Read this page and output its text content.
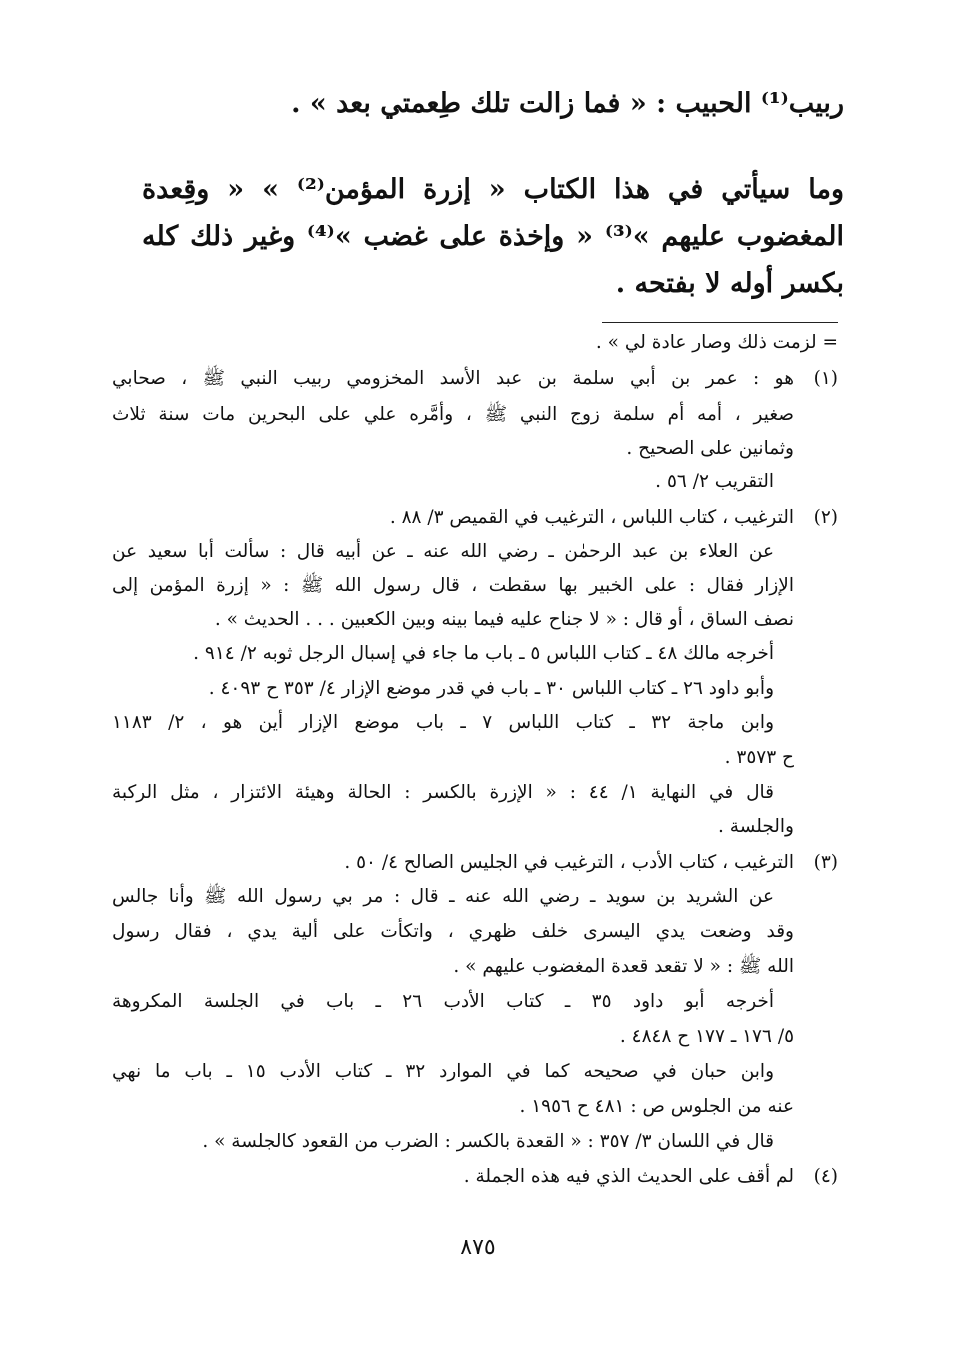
ربيب⁽¹⁾ الحبيب : « فما زالت تلك طِعمتي بعد » .
وما سيأتي في هذا الكتاب « إزرة المؤمن⁽²⁾ » « وقِعدة
المغضوب عليهم »⁽³⁾ « وإخذة على غضب »⁽⁴⁾ وغير ذلك كله
بكسر أوله لا بفتحه .
= لزمت ذلك وصار عادة لي » .
(١)
هو : عمر بن أبي سلمة بن عبد الأسد المخزومي ربيب النبي ﷺ ، صحابي
صغير ، أمه أم سلمة زوج النبي ﷺ ، وأمَّره علي على البحرين مات سنة ثلاث
وثمانين على الصحيح .
التقريب ٢/ ٥٦ .
(٢)
الترغيب ، كتاب اللباس ، الترغيب في القميص ٣/ ٨٨ .
عن العلاء بن عبد الرحمٰن ـ رضي الله عنه ـ عن أبيه قال : سألت أبا سعيد عن
الإزار فقال : على الخبير بها سقطت ، قال رسول الله ﷺ : « إزرة المؤمن إلى
نصف الساق ، أو قال : « لا جناح عليه فيما بينه وبين الكعبين . . . الحديث » .
أخرجه مالك ٤٨ ـ كتاب اللباس ٥ ـ باب ما جاء في إسبال الرجل ثوبه ٢/ ٩١٤ .
وأبو داود ٢٦ ـ كتاب اللباس ٣٠ ـ باب في قدر موضع الإزار ٤/ ٣٥٣ ح ٤٠٩٣ .
وابن ماجة ٣٢ ـ كتاب اللباس ٧ ـ باب موضع الإزار أين هو ، ٢/ ١١٨٣
ح ٣٥٧٣ .
قال في النهاية ١/ ٤٤ : « الإزرة بالكسر : الحالة وهيئة الائتزار ، مثل الركبة
والجلسة .
(٣)
الترغيب ، كتاب الأدب ، الترغيب في الجليس الصالح ٤/ ٥٠ .
عن الشريد بن سويد ـ رضي الله عنه ـ قال : مر بي رسول الله ﷺ وأنا جالس
وقد وضعت يدي اليسرى خلف ظهري ، واتكأت على ألية يدي ، فقال رسول
الله ﷺ : « لا تقعد قعدة المغضوب عليهم » .
أخرجه أبو داود ٣٥ ـ كتاب الأدب ٢٦ ـ باب في الجلسة المكروهة
٥/ ١٧٦ ـ ١٧٧ ح ٤٨٤٨ .
وابن حبان في صحيحه كما في الموارد ٣٢ ـ كتاب الأدب ١٥ ـ باب ما نهي
عنه من الجلوس ص : ٤٨١ ح ١٩٥٦ .
قال في اللسان ٣/ ٣٥٧ : « القعدة بالكسر : الضرب من القعود كالجلسة » .
(٤)
لم أقف على الحديث الذي فيه هذه الجملة .
٨٧٥
